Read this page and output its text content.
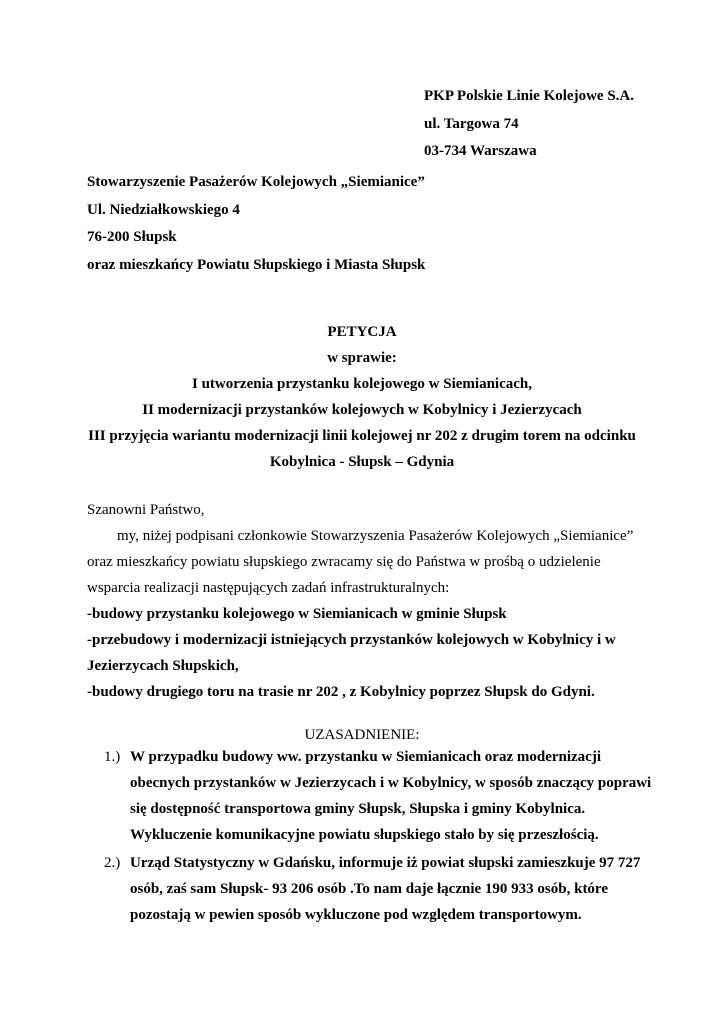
PKP Polskie Linie Kolejowe S.A.
ul. Targowa 74
03-734 Warszawa
Stowarzyszenie Pasażerów Kolejowych „Siemianice”
Ul. Niedziałkowskiego 4
76-200 Słupsk
oraz mieszkańcy Powiatu Słupskiego i Miasta Słupsk
PETYCJA
w sprawie:
I utworzenia przystanku kolejowego w Siemianicach,
II modernizacji przystanków kolejowych w Kobylnicy i Jezierzycach
III przyjęcia wariantu modernizacji linii kolejowej nr 202 z drugim torem na odcinku
Kobylnica - Słupsk – Gdynia
Szanowni Państwo,
my, niżej podpisani członkowie Stowarzyszenia Pasażerów Kolejowych „Siemianice”
oraz mieszkańcy powiatu słupskiego zwracamy się do Państwa w prośbą o udzielenie
wsparcia realizacji następujących zadań infrastrukturalnych:
-budowy przystanku kolejowego w Siemianicach w gminie Słupsk
-przebudowy i modernizacji istniejących przystanków kolejowych w Kobylnicy i w
Jezierzycach Słupskich,
-budowy drugiego toru na trasie nr 202 , z Kobylnicy poprzez Słupsk do Gdyni.
UZASADNIENIE:
1.) W przypadku budowy ww. przystanku w Siemianicach oraz modernizacji
obecnych przystanków w Jezierzycach i w Kobylnicy, w sposób znaczący poprawi
się dostępność transportowa gminy Słupsk, Słupska i gminy Kobylnica.
Wykluczenie komunikacyjne powiatu słupskiego stało by się przeszłością.
2.) Urząd Statystyczny w Gdańsku, informuje iż powiat słupski zamieszkuje 97 727
osób, zaś sam Słupsk- 93 206 osób .To nam daje łącznie 190 933 osób, które
pozostają w pewien sposób wykluczone pod względem transportowym.
